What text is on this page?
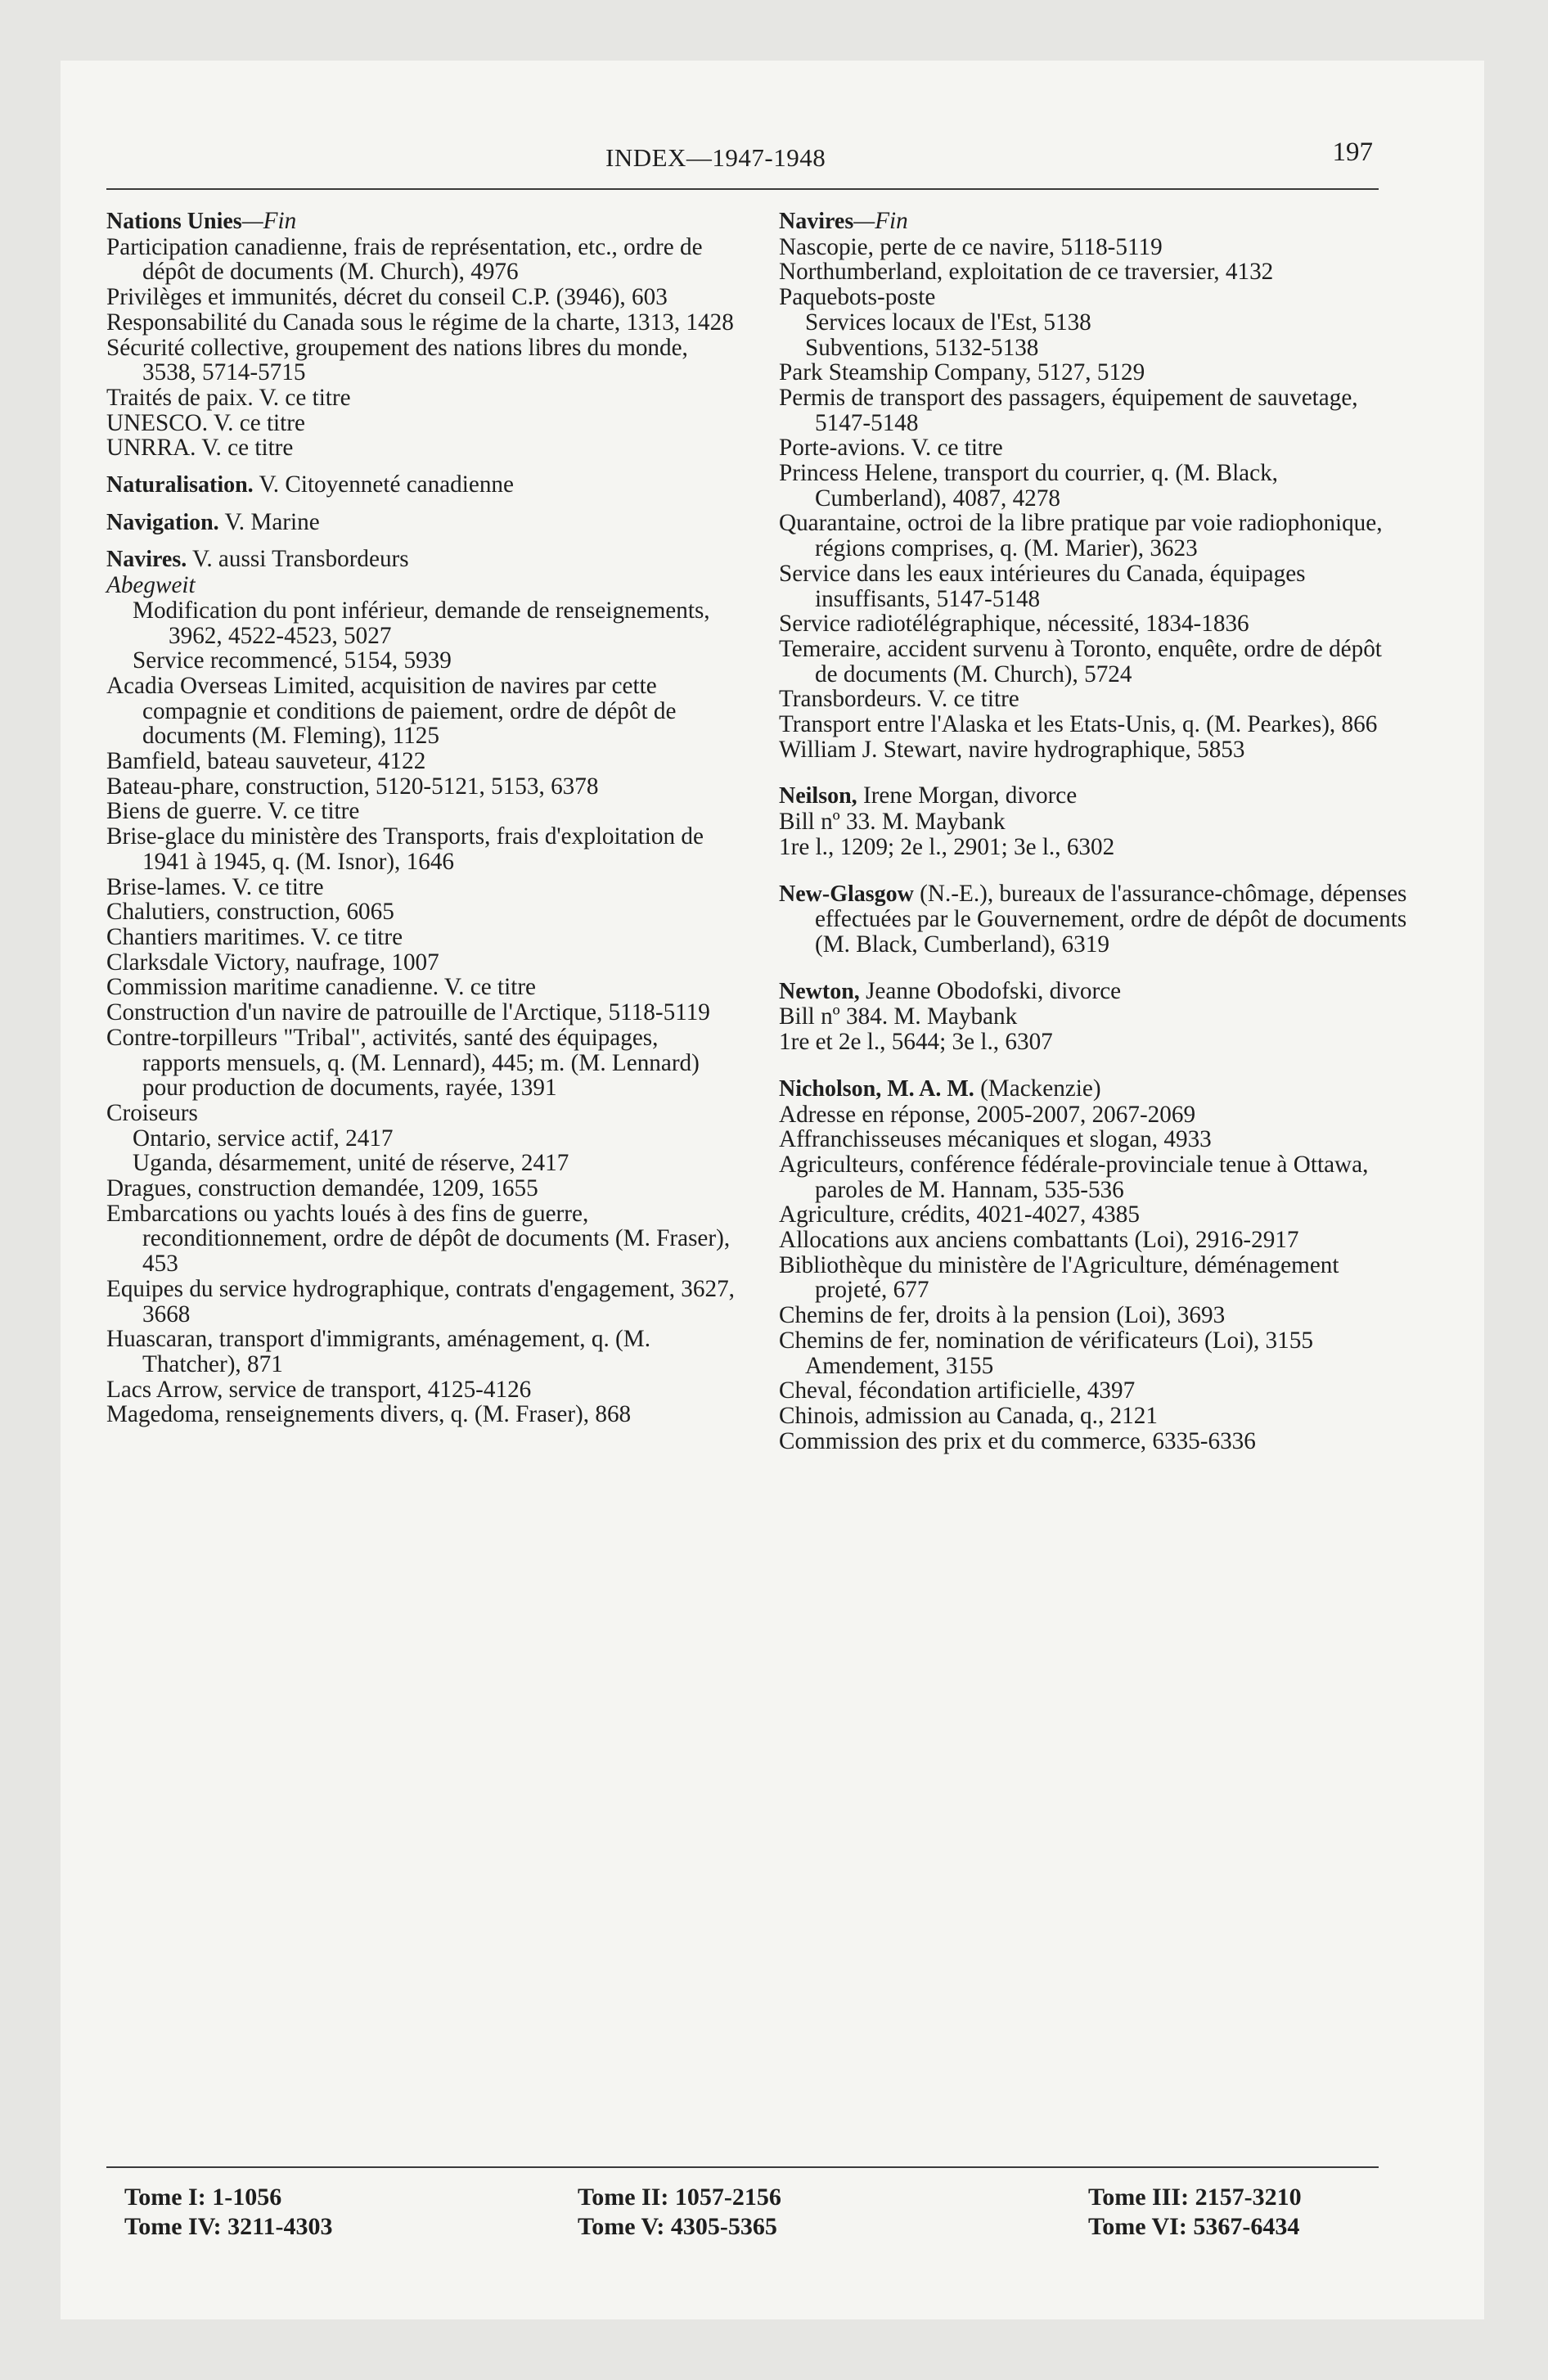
INDEX—1947-1948	197

Nations Unies—Fin

Participation canadienne, frais de représentation, etc., ordre de dépôt de documents (M. Church), 4976

Privilèges et immunités, décret du conseil C.P. (3946), 603

Responsabilité du Canada sous le régime de la charte, 1313, 1428

Sécurité collective, groupement des nations libres du monde, 3538, 5714-5715

Traités de paix. V. ce titre

UNESCO. V. ce titre

UNRRA. V. ce titre

Naturalisation. V. Citoyenneté canadienne

Navigation. V. Marine

Navires. V. aussi Transbordeurs

Abegweit

Modification du pont inférieur, demande de renseignements, 3962, 4522-4523, 5027

Service recommencé, 5154, 5939

Acadia Overseas Limited, acquisition de navires par cette compagnie et conditions de paiement, ordre de dépôt de documents (M. Fleming), 1125

Bamfield, bateau sauveteur, 4122

Bateau-phare, construction, 5120-5121, 5153, 6378

Biens de guerre. V. ce titre

Brise-glace du ministère des Transports, frais d'exploitation de 1941 à 1945, q. (M. Isnor), 1646

Brise-lames. V. ce titre

Chalutiers, construction, 6065

Chantiers maritimes. V. ce titre

Clarksdale Victory, naufrage, 1007

Commission maritime canadienne. V. ce titre

Construction d'un navire de patrouille de l'Arctique, 5118-5119

Contre-torpilleurs "Tribal", activités, santé des équipages, rapports mensuels, q. (M. Lennard), 445; m. (M. Lennard) pour production de documents, rayée, 1391

Croiseurs

Ontario, service actif, 2417

Uganda, désarmement, unité de réserve, 2417

Dragues, construction demandée, 1209, 1655

Embarcations ou yachts loués à des fins de guerre, reconditionnement, ordre de dépôt de documents (M. Fraser), 453

Equipes du service hydrographique, contrats d'engagement, 3627, 3668

Huascaran, transport d'immigrants, aménagement, q. (M. Thatcher), 871

Lacs Arrow, service de transport, 4125-4126

Magedoma, renseignements divers, q. (M. Fraser), 868

Navires—Fin

Nascopie, perte de ce navire, 5118-5119

Northumberland, exploitation de ce traversier, 4132

Paquebots-poste

Services locaux de l'Est, 5138

Subventions, 5132-5138

Park Steamship Company, 5127, 5129

Permis de transport des passagers, équipement de sauvetage, 5147-5148

Porte-avions. V. ce titre

Princess Helene, transport du courrier, q. (M. Black, Cumberland), 4087, 4278

Quarantaine, octroi de la libre pratique par voie radiophonique, régions comprises, q. (M. Marier), 3623

Service dans les eaux intérieures du Canada, équipages insuffisants, 5147-5148

Service radiotélégraphique, nécessité, 1834-1836

Temeraire, accident survenu à Toronto, enquête, ordre de dépôt de documents (M. Church), 5724

Transbordeurs. V. ce titre

Transport entre l'Alaska et les Etats-Unis, q. (M. Pearkes), 866

William J. Stewart, navire hydrographique, 5853

Neilson, Irene Morgan, divorce

Bill nº 33. M. Maybank

1re l., 1209; 2e l., 2901; 3e l., 6302

New-Glasgow (N.-E.), bureaux de l'assurance-chômage, dépenses effectuées par le Gouvernement, ordre de dépôt de documents (M. Black, Cumberland), 6319

Newton, Jeanne Obodofski, divorce

Bill nº 384. M. Maybank

1re et 2e l., 5644; 3e l., 6307

Nicholson, M. A. M. (Mackenzie)

Adresse en réponse, 2005-2007, 2067-2069

Affranchisseuses mécaniques et slogan, 4933

Agriculteurs, conférence fédérale-provinciale tenue à Ottawa, paroles de M. Hannam, 535-536

Agriculture, crédits, 4021-4027, 4385

Allocations aux anciens combattants (Loi), 2916-2917

Bibliothèque du ministère de l'Agriculture, déménagement projeté, 677

Chemins de fer, droits à la pension (Loi), 3693

Chemins de fer, nomination de vérificateurs (Loi), 3155

Amendement, 3155

Cheval, fécondation artificielle, 4397

Chinois, admission au Canada, q., 2121

Commission des prix et du commerce, 6335-6336

Tome I: 1-1056	Tome II: 1057-2156	Tome III: 2157-3210
Tome IV: 3211-4303	Tome V: 4305-5365	Tome VI: 5367-6434
